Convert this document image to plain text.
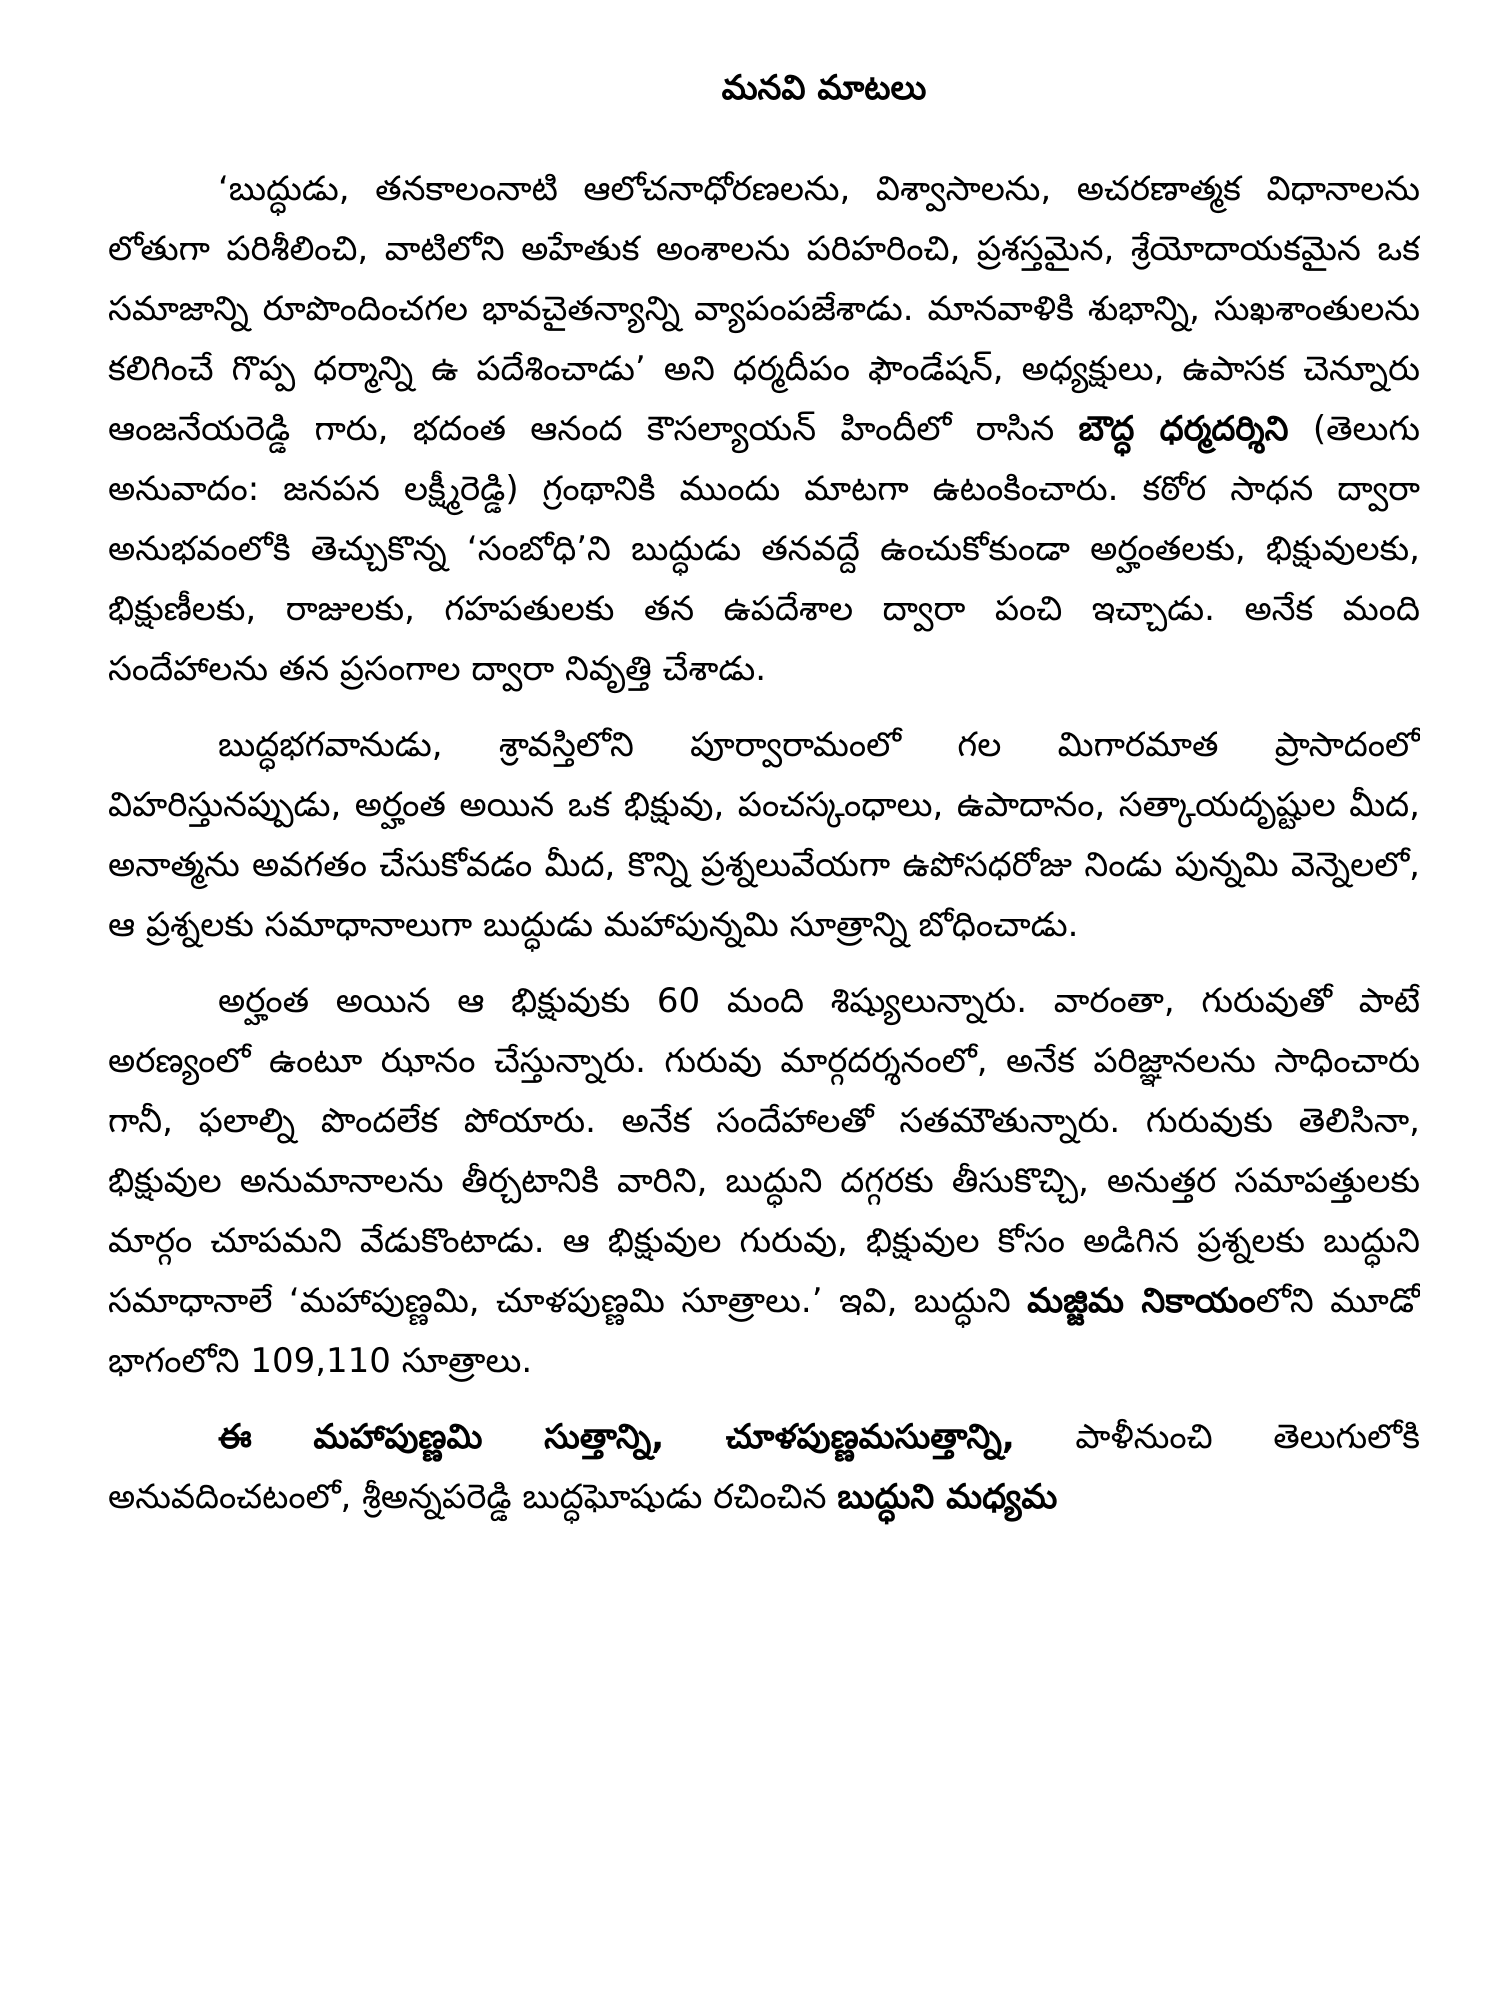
మనవి మాటలు

‘బుద్ధుడు, తనకాలంనాటి ఆలోచనాధోరణలను, విశ్వాసాలను, అచరణాత్మక విధానాలను లోతుగా పరిశీలించి, వాటిలోని అహేతుక అంశాలను పరిహరించి, ప్రశస్తమైన, శ్రేయోదాయకమైన ఒక సమాజాన్ని రూపొందించగల భావచైతన్యాన్ని వ్యాపంపజేశాడు. మానవాళికి శుభాన్ని, సుఖశాంతులను కలిగించే గొప్ప ధర్మాన్ని ఉ పదేశించాడు’ అని ధర్మదీపం ఫౌండేషన్, అధ్యక్షులు, ఉపాసక చెన్నూరు ఆంజనేయరెడ్డి గారు, భదంత ఆనంద కౌసల్యాయన్ హిందీలో రాసిన బౌద్ధ ధర్మదర్శిని (తెలుగు అనువాదం: జనపన లక్ష్మీరెడ్డి) గ్రంథానికి ముందు మాటగా ఉటంకించారు. కఠోర సాధన ద్వారా అనుభవంలోకి తెచ్చుకొన్న ‘సంబోధి’ని బుద్ధుడు తనవద్దే ఉంచుకోకుండా అర్హంతలకు, భిక్షువులకు, భిక్షుణీలకు, రాజులకు, గహపతులకు తన ఉపదేశాల ద్వారా పంచి ఇచ్చాడు. అనేక మంది సందేహాలను తన ప్రసంగాల ద్వారా నివృత్తి చేశాడు.

బుద్ధభగవానుడు, శ్రావస్తిలోని పూర్వారామంలో గల మిగారమాత ప్రాసాదంలో విహరిస్తునప్పుడు, అర్హంత అయిన ఒక భిక్షువు, పంచస్కంధాలు, ఉపాదానం, సత్కాయదృష్టుల మీద, అనాత్మను అవగతం చేసుకోవడం మీద, కొన్ని ప్రశ్నలువేయగా ఉపోసధరోజు నిండు పున్నమి వెన్నెలలో, ఆ ప్రశ్నలకు సమాధానాలుగా బుద్ధుడు మహాపున్నమి సూత్రాన్ని బోధించాడు.

అర్హంత అయిన ఆ భిక్షువుకు 60 మంది శిష్యులున్నారు. వారంతా, గురువుతో పాటే అరణ్యంలో ఉంటూ ఝానం చేస్తున్నారు. గురువు మార్గదర్శనంలో, అనేక పరిజ్ఞానలను సాధించారు గానీ, ఫలాల్ని పొందలేక పోయారు. అనేక సందేహాలతో సతమౌతున్నారు. గురువుకు తెలిసినా, భిక్షువుల అనుమానాలను తీర్చటానికి వారిని, బుద్ధుని దగ్గరకు తీసుకొచ్చి, అనుత్తర సమాపత్తులకు మార్గం చూపమని వేడుకొంటాడు. ఆ భిక్షువుల గురువు, భిక్షువుల కోసం అడిగిన ప్రశ్నలకు బుద్ధుని సమాధానాలే ‘మహాపుణ్ణమి, చూళపుణ్ణమి సూత్రాలు.’ ఇవి, బుద్ధుని మజ్జిమ నికాయంలోని మూడో భాగంలోని 109,110 సూత్రాలు.

ఈ మహాపుణ్ణమి సుత్తాన్ని, చూళపుణ్ణమసుత్తాన్ని, పాళీనుంచి తెలుగులోకి అనువదించటంలో, శ్రీఅన్నపరెడ్డి బుద్ధఘోషుడు రచించిన బుద్ధుని మధ్యమ
